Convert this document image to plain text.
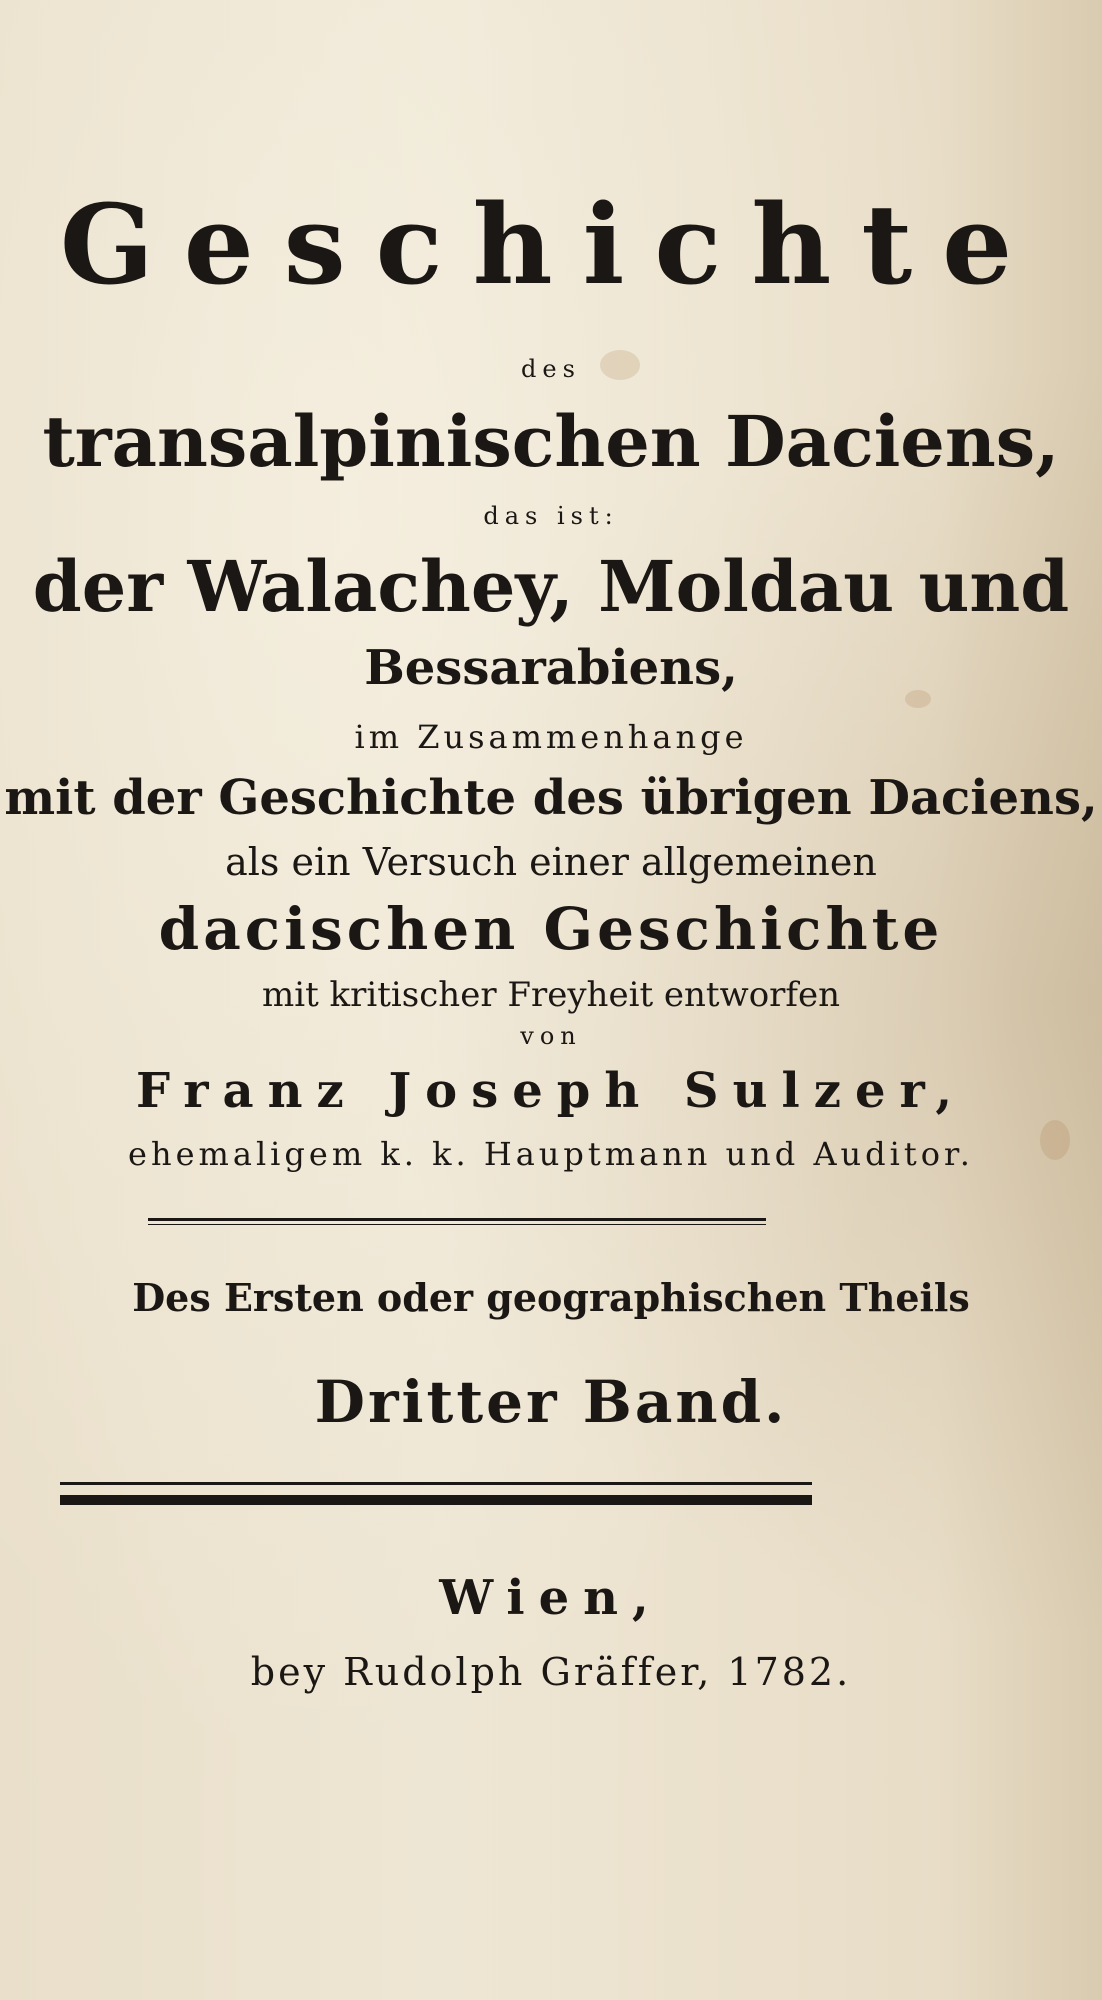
Geschichte
des
transalpinischen Daciens,
das ist:
der Walachey, Moldau und
Bessarabiens,
im Zusammenhange
mit der Geschichte des übrigen Daciens,
als ein Versuch einer allgemeinen
dacischen Geschichte
mit kritischer Freyheit entworfen
von
Franz Joseph Sulzer,
ehemaligem k. k. Hauptmann und Auditor.
Des Ersten oder geographischen Theils
Dritter Band.
Wien,
bey Rudolph Gräffer, 1782.
